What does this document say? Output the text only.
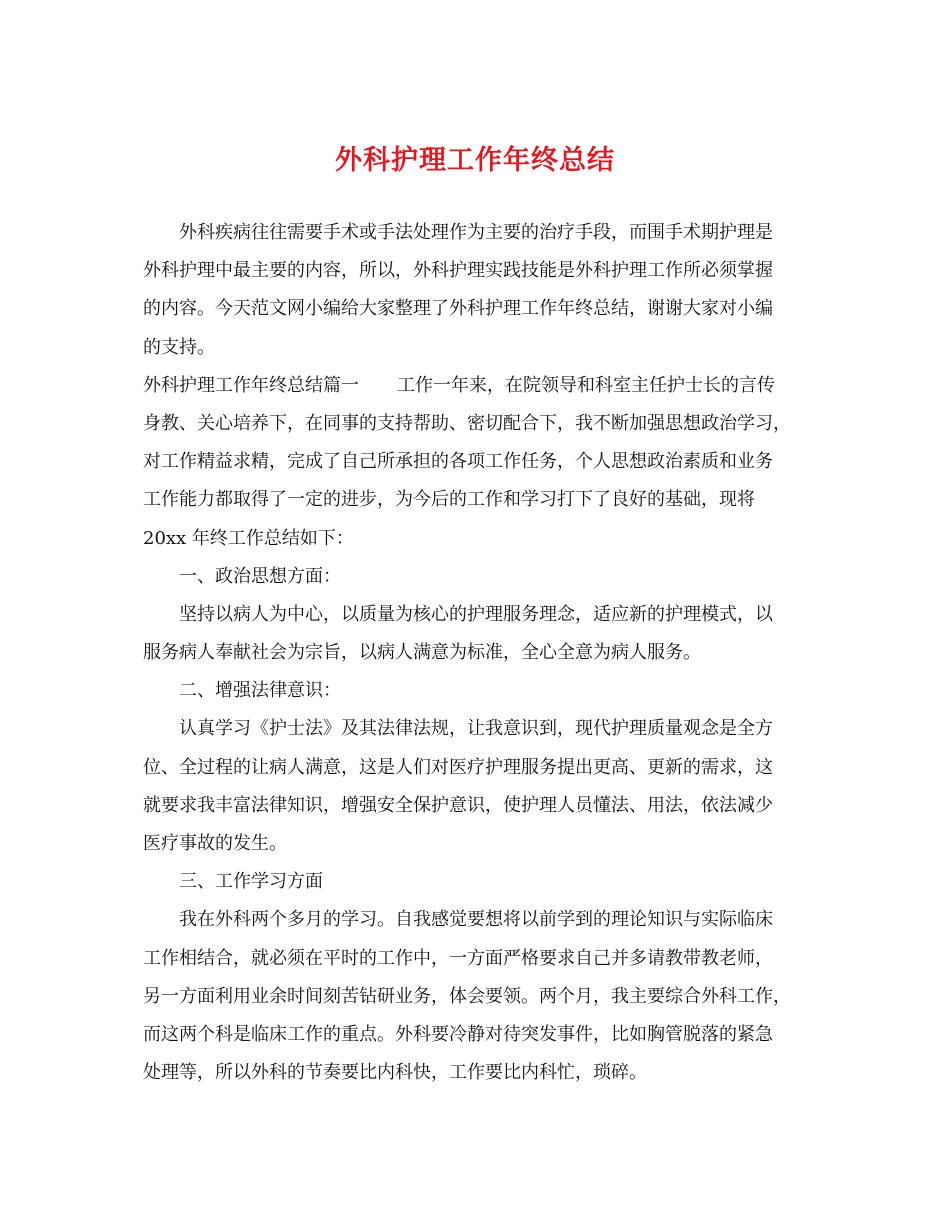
外科护理工作年终总结
外科疾病往往需要手术或手法处理作为主要的治疗手段，而围手术期护理是
外科护理中最主要的内容，所以，外科护理实践技能是外科护理工作所必须掌握
的内容。今天范文网小编给大家整理了外科护理工作年终总结，谢谢大家对小编
的支持。
外科护理工作年终总结篇一 工作一年来，在院领导和科室主任护士长的言传
身教、关心培养下，在同事的支持帮助、密切配合下，我不断加强思想政治学习，
对工作精益求精，完成了自己所承担的各项工作任务，个人思想政治素质和业务
工作能力都取得了一定的进步，为今后的工作和学习打下了良好的基础，现将
20xx 年终工作总结如下：
一、政治思想方面：
坚持以病人为中心，以质量为核心的护理服务理念，适应新的护理模式，以
服务病人奉献社会为宗旨，以病人满意为标准，全心全意为病人服务。
二、增强法律意识：
认真学习《护士法》及其法律法规，让我意识到，现代护理质量观念是全方
位、全过程的让病人满意，这是人们对医疗护理服务提出更高、更新的需求，这
就要求我丰富法律知识，增强安全保护意识，使护理人员懂法、用法，依法减少
医疗事故的发生。
三、工作学习方面
我在外科两个多月的学习。自我感觉要想将以前学到的理论知识与实际临床
工作相结合，就必须在平时的工作中，一方面严格要求自己并多请教带教老师，
另一方面利用业余时间刻苦钻研业务，体会要领。两个月，我主要综合外科工作，
而这两个科是临床工作的重点。外科要冷静对待突发事件，比如胸管脱落的紧急
处理等，所以外科的节奏要比内科快，工作要比内科忙，琐碎。
